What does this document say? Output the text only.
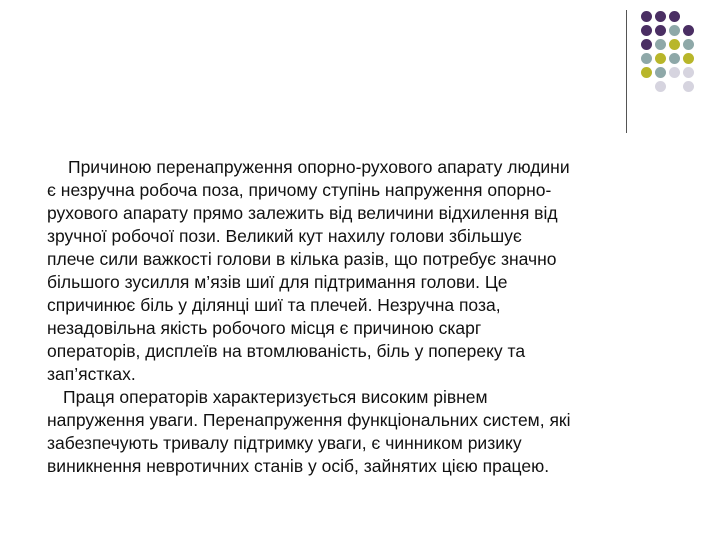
Причиною перенапруження опорно-рухового апарату людини
є незручна робоча поза, причому ступінь напруження опорно-
рухового апарату прямо залежить від величини відхилення від
зручної робочої пози. Великий кут нахилу голови збільшує
плече сили важкості голови в кілька разів, що потребує значно
більшого зусилля м’язів шиї для підтримання голови. Це
спричинює біль у ділянці шиї та плечей. Незручна поза,
незадовільна якість робочого місця є причиною скарг
операторів, дисплеїв на втомлюваність, біль у попереку та
зап’ястках.

Праця операторів характеризується високим рівнем
напруження уваги. Перенапруження функціональних систем, які
забезпечують тривалу підтримку уваги, є чинником ризику
виникнення невротичних станів у осіб, зайнятих цією працею.
